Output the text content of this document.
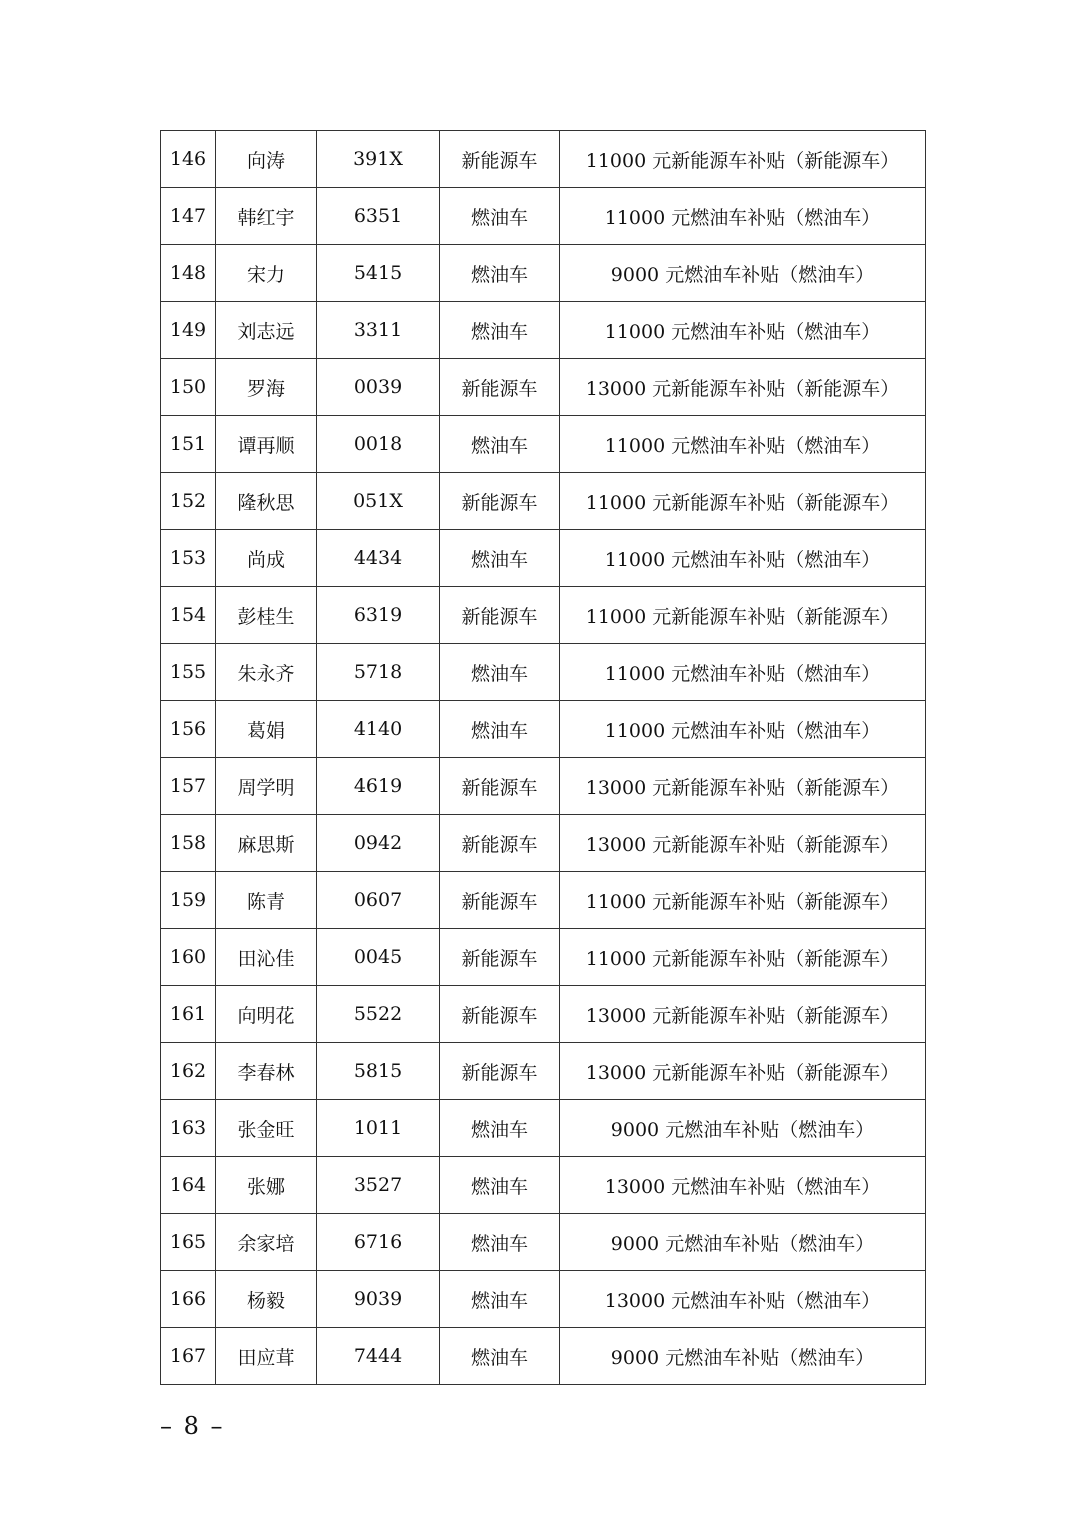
146	向涛	391X	新能源车	11000 元新能源车补贴（新能源车）
147	韩红宇	6351	燃油车	11000 元燃油车补贴（燃油车）
148	宋力	5415	燃油车	9000 元燃油车补贴（燃油车）
149	刘志远	3311	燃油车	11000 元燃油车补贴（燃油车）
150	罗海	0039	新能源车	13000 元新能源车补贴（新能源车）
151	谭再顺	0018	燃油车	11000 元燃油车补贴（燃油车）
152	隆秋思	051X	新能源车	11000 元新能源车补贴（新能源车）
153	尚成	4434	燃油车	11000 元燃油车补贴（燃油车）
154	彭桂生	6319	新能源车	11000 元新能源车补贴（新能源车）
155	朱永齐	5718	燃油车	11000 元燃油车补贴（燃油车）
156	葛娟	4140	燃油车	11000 元燃油车补贴（燃油车）
157	周学明	4619	新能源车	13000 元新能源车补贴（新能源车）
158	麻思斯	0942	新能源车	13000 元新能源车补贴（新能源车）
159	陈青	0607	新能源车	11000 元新能源车补贴（新能源车）
160	田沁佳	0045	新能源车	11000 元新能源车补贴（新能源车）
161	向明花	5522	新能源车	13000 元新能源车补贴（新能源车）
162	李春林	5815	新能源车	13000 元新能源车补贴（新能源车）
163	张金旺	1011	燃油车	9000 元燃油车补贴（燃油车）
164	张娜	3527	燃油车	13000 元燃油车补贴（燃油车）
165	余家培	6716	燃油车	9000 元燃油车补贴（燃油车）
166	杨毅	9039	燃油车	13000 元燃油车补贴（燃油车）
167	田应茸	7444	燃油车	9000 元燃油车补贴（燃油车）
– 8 –
